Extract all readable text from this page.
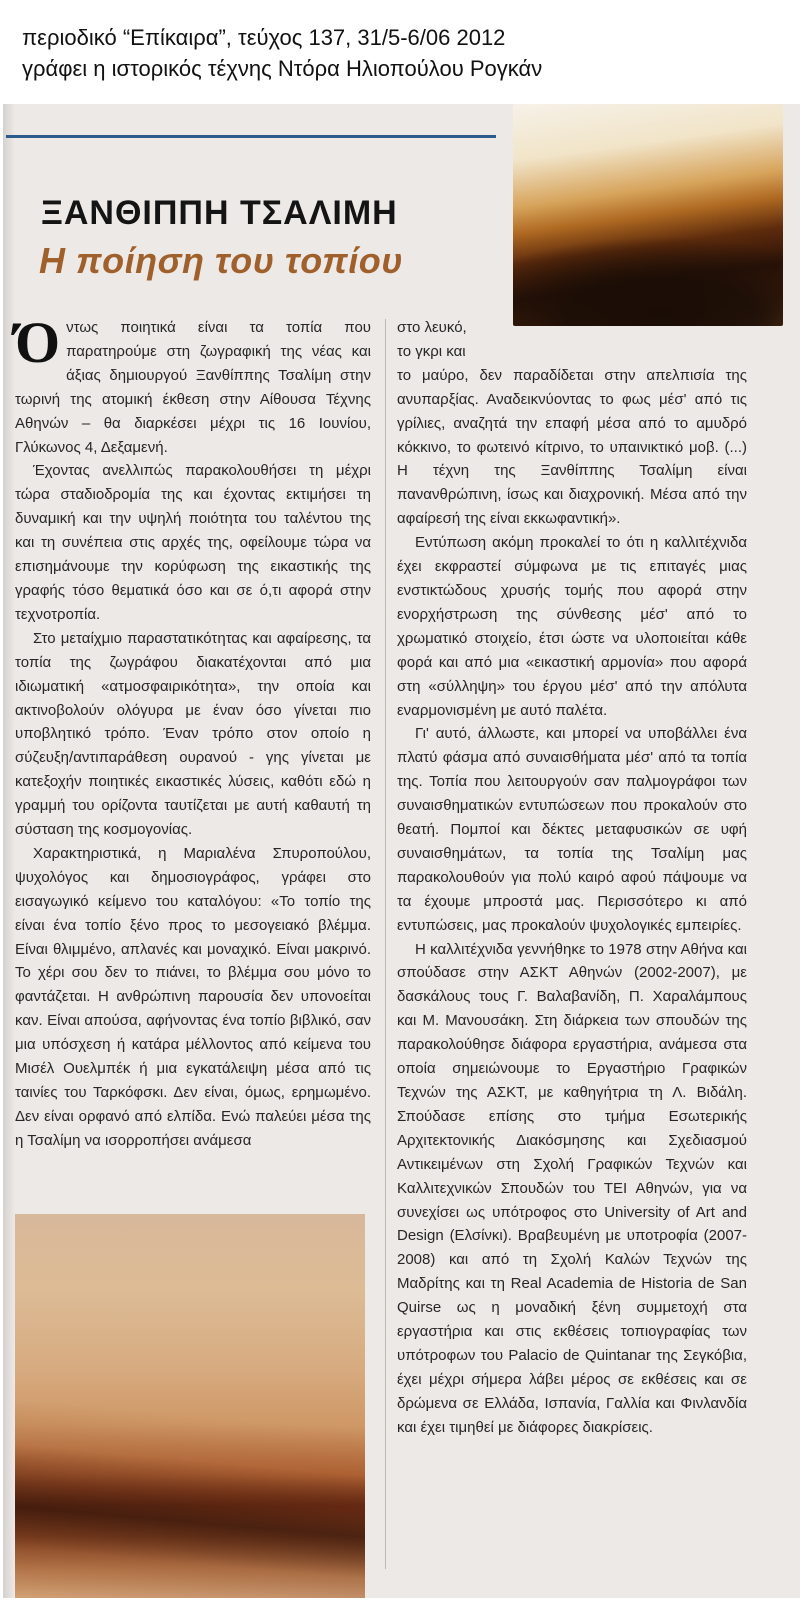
περιοδικό “Επίκαιρα”, τεύχος 137, 31/5-6/06 2012
γράφει η ιστορικός τέχνης Ντόρα Ηλιοπούλου Ρογκάν
ΞΑΝΘΙΠΠΗ ΤΣΑΛΙΜΗ
Η ποίηση του τοπίου

Όντως ποιητικά είναι τα τοπία που παρατηρούμε στη ζωγραφική της νέας και άξιας δημιουργού Ξανθίππης Τσαλίμη στην τωρινή της ατομική έκθεση στην Αίθουσα Τέχνης Αθηνών – θα διαρκέσει μέχρι τις 16 Ιουνίου, Γλύκωνος 4, Δεξαμενή.

Έχοντας ανελλιπώς παρακολουθήσει τη μέχρι τώρα σταδιοδρομία της και έχοντας εκτιμήσει τη δυναμική και την υψηλή ποιότητα του ταλέντου της και τη συνέπεια στις αρχές της, οφείλουμε τώρα να επισημάνουμε την κορύφωση της εικαστικής της γραφής τόσο θεματικά όσο και σε ό,τι αφορά στην τεχνοτροπία.

Στο μεταίχμιο παραστατικότητας και αφαίρεσης, τα τοπία της ζωγράφου διακατέχονται από μια ιδιωματική «ατμοσφαιρικότητα», την οποία και ακτινοβολούν ολόγυρα με έναν όσο γίνεται πιο υποβλητικό τρόπο. Έναν τρόπο στον οποίο η σύζευξη/αντιπαράθεση ουρανού - γης γίνεται με κατεξοχήν ποιητικές εικαστικές λύσεις, καθότι εδώ η γραμμή του ορίζοντα ταυτίζεται με αυτή καθαυτή τη σύσταση της κοσμογονίας.

Χαρακτηριστικά, η Μαριαλένα Σπυροπούλου, ψυχολόγος και δημοσιογράφος, γράφει στο εισαγωγικό κείμενο του καταλόγου: «Το τοπίο της είναι ένα τοπίο ξένο προς το μεσογειακό βλέμμα. Είναι θλιμμένο, απλανές και μοναχικό. Είναι μακρινό. Το χέρι σου δεν το πιάνει, το βλέμμα σου μόνο το φαντάζεται. Η ανθρώπινη παρουσία δεν υπονοείται καν. Είναι απούσα, αφήνοντας ένα τοπίο βιβλικό, σαν μια υπόσχεση ή κατάρα μέλλοντος από κείμενα του Μισέλ Ουελμπέκ ή μια εγκατάλειψη μέσα από τις ταινίες του Ταρκόφσκι. Δεν είναι, όμως, ερημωμένο. Δεν είναι ορφανό από ελπίδα. Ενώ παλεύει μέσα της η Τσαλίμη να ισορροπήσει ανάμεσα

στο λευκό,
το γκρι και
το μαύρο, δεν παραδίδεται στην απελπισία της ανυπαρξίας. Αναδεικνύοντας το φως μέσ' από τις γρίλιες, αναζητά την επαφή μέσα από το αμυδρό κόκκινο, το φωτεινό κίτρινο, το υπαινικτικό μοβ. (...) Η τέχνη της Ξανθίππης Τσαλίμη είναι πανανθρώπινη, ίσως και διαχρονική. Μέσα από την αφαίρεσή της είναι εκκωφαντική».

Εντύπωση ακόμη προκαλεί το ότι η καλλιτέχνιδα έχει εκφραστεί σύμφωνα με τις επιταγές μιας ενστικτώδους χρυσής τομής που αφορά στην ενορχήστρωση της σύνθεσης μέσ' από το χρωματικό στοιχείο, έτσι ώστε να υλοποιείται κάθε φορά και από μια «εικαστική αρμονία» που αφορά στη «σύλληψη» του έργου μέσ' από την απόλυτα εναρμονισμένη με αυτό παλέτα.

Γι' αυτό, άλλωστε, και μπορεί να υποβάλλει ένα πλατύ φάσμα από συναισθήματα μέσ' από τα τοπία της. Τοπία που λειτουργούν σαν παλμογράφοι των συναισθηματικών εντυπώσεων που προκαλούν στο θεατή. Πομποί και δέκτες μεταφυσικών σε υφή συναισθημάτων, τα τοπία της Τσαλίμη μας παρακολουθούν για πολύ καιρό αφού πάψουμε να τα έχουμε μπροστά μας. Περισσότερο κι από εντυπώσεις, μας προκαλούν ψυχολογικές εμπειρίες.

Η καλλιτέχνιδα γεννήθηκε το 1978 στην Αθήνα και σπούδασε στην ΑΣΚΤ Αθηνών (2002-2007), με δασκάλους τους Γ. Βαλαβανίδη, Π. Χαραλάμπους και Μ. Μανουσάκη. Στη διάρκεια των σπουδών της παρακολούθησε διάφορα εργαστήρια, ανάμεσα στα οποία σημειώνουμε το Εργαστήριο Γραφικών Τεχνών της ΑΣΚΤ, με καθηγήτρια τη Λ. Βιδάλη. Σπούδασε επίσης στο τμήμα Εσωτερικής Αρχιτεκτονικής Διακόσμησης και Σχεδιασμού Αντικειμένων στη Σχολή Γραφικών Τεχνών και Καλλιτεχνικών Σπουδών του ΤΕΙ Αθηνών, για να συνεχίσει ως υπότροφος στο University of Art and Design (Ελσίνκι). Βραβευμένη με υποτροφία (2007-2008) και από τη Σχολή Καλών Τεχνών της Μαδρίτης και τη Real Academia de Historia de San Quirse ως η μοναδική ξένη συμμετοχή στα εργαστήρια και στις εκθέσεις τοπιογραφίας των υπότροφων του Palacio de Quintanar της Σεγκόβια, έχει μέχρι σήμερα λάβει μέρος σε εκθέσεις και σε δρώμενα σε Ελλάδα, Ισπανία, Γαλλία και Φινλανδία και έχει τιμηθεί με διάφορες διακρίσεις.
